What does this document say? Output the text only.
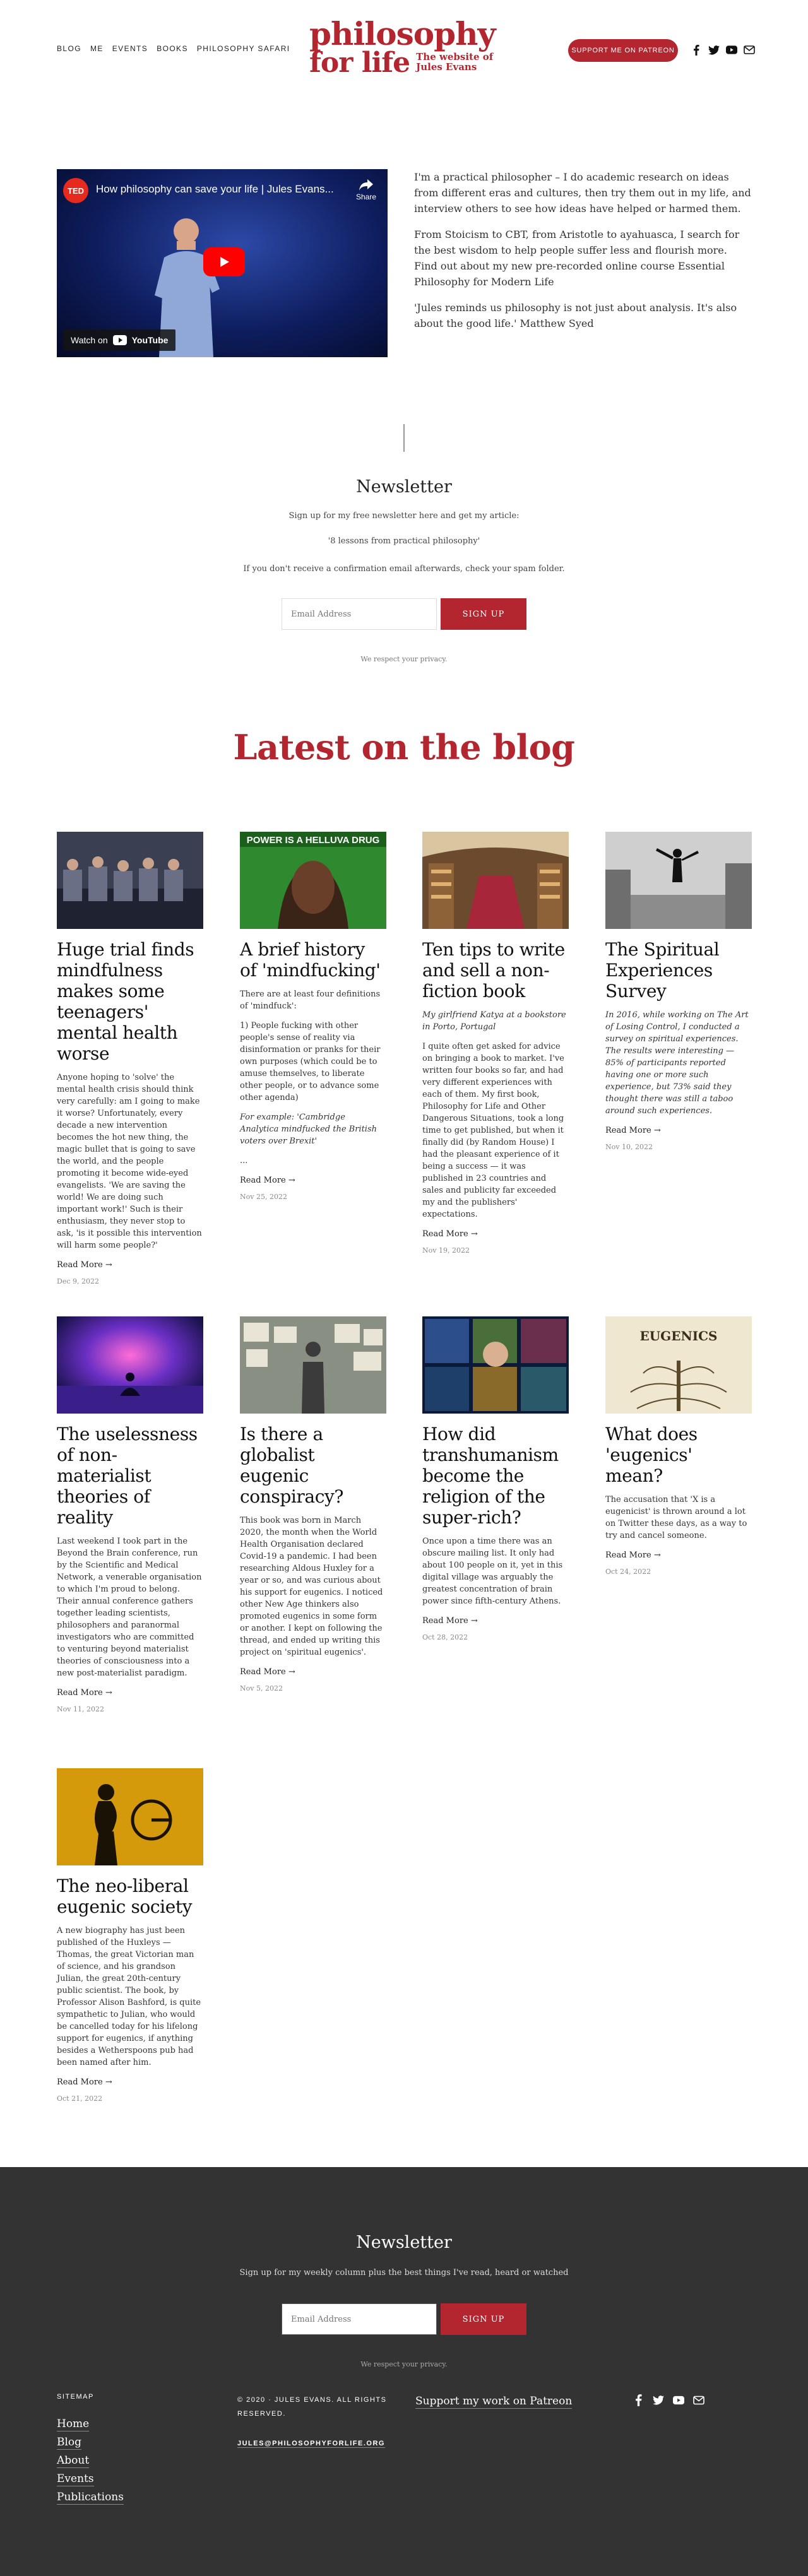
BLOG ME EVENTS BOOKS PHILOSOPHY SAFARI philosophy
for life The website of
Jules Evans
SUPPORT ME ON PATREON
TED	How philosophy can save your life | Jules Evans...
Share
Watch on	YouTube

I'm a practical philosopher – I do academic research on ideas from different eras and cultures, then try them out in my life, and interview others to see how ideas have helped or harmed them.

From Stoicism to CBT, from Aristotle to ayahuasca, I search for the best wisdom to help people suffer less and flourish more. Find out about my new pre-recorded online course Essential Philosophy for Modern Life

'Jules reminds us philosophy is not just about analysis. It's also about the good life.' Matthew Syed

Newsletter
Sign up for my free newsletter here and get my article:
'8 lessons from practical philosophy'
If you don't receive a confirmation email afterwards, check your spam folder.
Email Address
SIGN UP
We respect your privacy.
Latest on the blog
Huge trial finds mindfulness makes some teenagers' mental health worse

Anyone hoping to 'solve' the mental health crisis should think very carefully: am I going to make it worse? Unfortunately, every decade a new intervention becomes the hot new thing, the magic bullet that is going to save the world, and the people promoting it become wide-eyed evangelists. 'We are saving the world! We are doing such important work!' Such is their enthusiasm, they never stop to ask, 'is it possible this intervention will harm some people?'

Read More →
Dec 9, 2022
POWER IS A HELLUVA DRUG
A brief history of 'mindfucking'

There are at least four definitions of 'mindfuck':

1) People fucking with other people's sense of reality via disinformation or pranks for their own purposes (which could be to amuse themselves, to liberate other people, or to advance some other agenda)

For example: 'Cambridge Analytica mindfucked the British voters over Brexit'

...

Read More →
Nov 25, 2022
Ten tips to write and sell a non-fiction book

My girlfriend Katya at a bookstore in Porto, Portugal

I quite often get asked for advice on bringing a book to market. I've written four books so far, and had very different experiences with each of them. My first book, Philosophy for Life and Other Dangerous Situations, took a long time to get published, but when it finally did (by Random House) I had the pleasant experience of it being a success — it was published in 23 countries and sales and publicity far exceeded my and the publishers' expectations.

Read More →
Nov 19, 2022
The Spiritual Experiences Survey

In 2016, while working on The Art of Losing Control, I conducted a survey on spiritual experiences. The results were interesting — 85% of participants reported having one or more such experience, but 73% said they thought there was still a taboo around such experiences.

Read More →
Nov 10, 2022
The uselessness of non-materialist theories of reality

Last weekend I took part in the Beyond the Brain conference, run by the Scientific and Medical Network, a venerable organisation to which I'm proud to belong. Their annual conference gathers together leading scientists, philosophers and paranormal investigators who are committed to venturing beyond materialist theories of consciousness into a new post-materialist paradigm.

Read More →
Nov 11, 2022
Is there a globalist eugenic conspiracy?

This book was born in March 2020, the month when the World Health Organisation declared Covid-19 a pandemic. I had been researching Aldous Huxley for a year or so, and was curious about his support for eugenics. I noticed other New Age thinkers also promoted eugenics in some form or another. I kept on following the thread, and ended up writing this project on 'spiritual eugenics'.

Read More →
Nov 5, 2022
How did transhumanism become the religion of the super-rich?

Once upon a time there was an obscure mailing list. It only had about 100 people on it, yet in this digital village was arguably the greatest concentration of brain power since fifth-century Athens.

Read More →
Oct 28, 2022
EUGENICS
What does 'eugenics' mean?

The accusation that 'X is a eugenicist' is thrown around a lot on Twitter these days, as a way to try and cancel someone.

Read More →
Oct 24, 2022
The neo-liberal eugenic society

A new biography has just been published of the Huxleys — Thomas, the great Victorian man of science, and his grandson Julian, the great 20th-century public scientist. The book, by Professor Alison Bashford, is quite sympathetic to Julian, who would be cancelled today for his lifelong support for eugenics, if anything besides a Wetherspoons pub had been named after him.

Read More →
Oct 21, 2022
Newsletter
Sign up for my weekly column plus the best things I've read, heard or watched
Email Address
SIGN UP
We respect your privacy.
SITEMAP
Home
Blog
About
Events
Publications
© 2020 · JULES EVANS. ALL RIGHTS RESERVED.
JULES@PHILOSOPHYFORLIFE.ORG
Support my work on Patreon
